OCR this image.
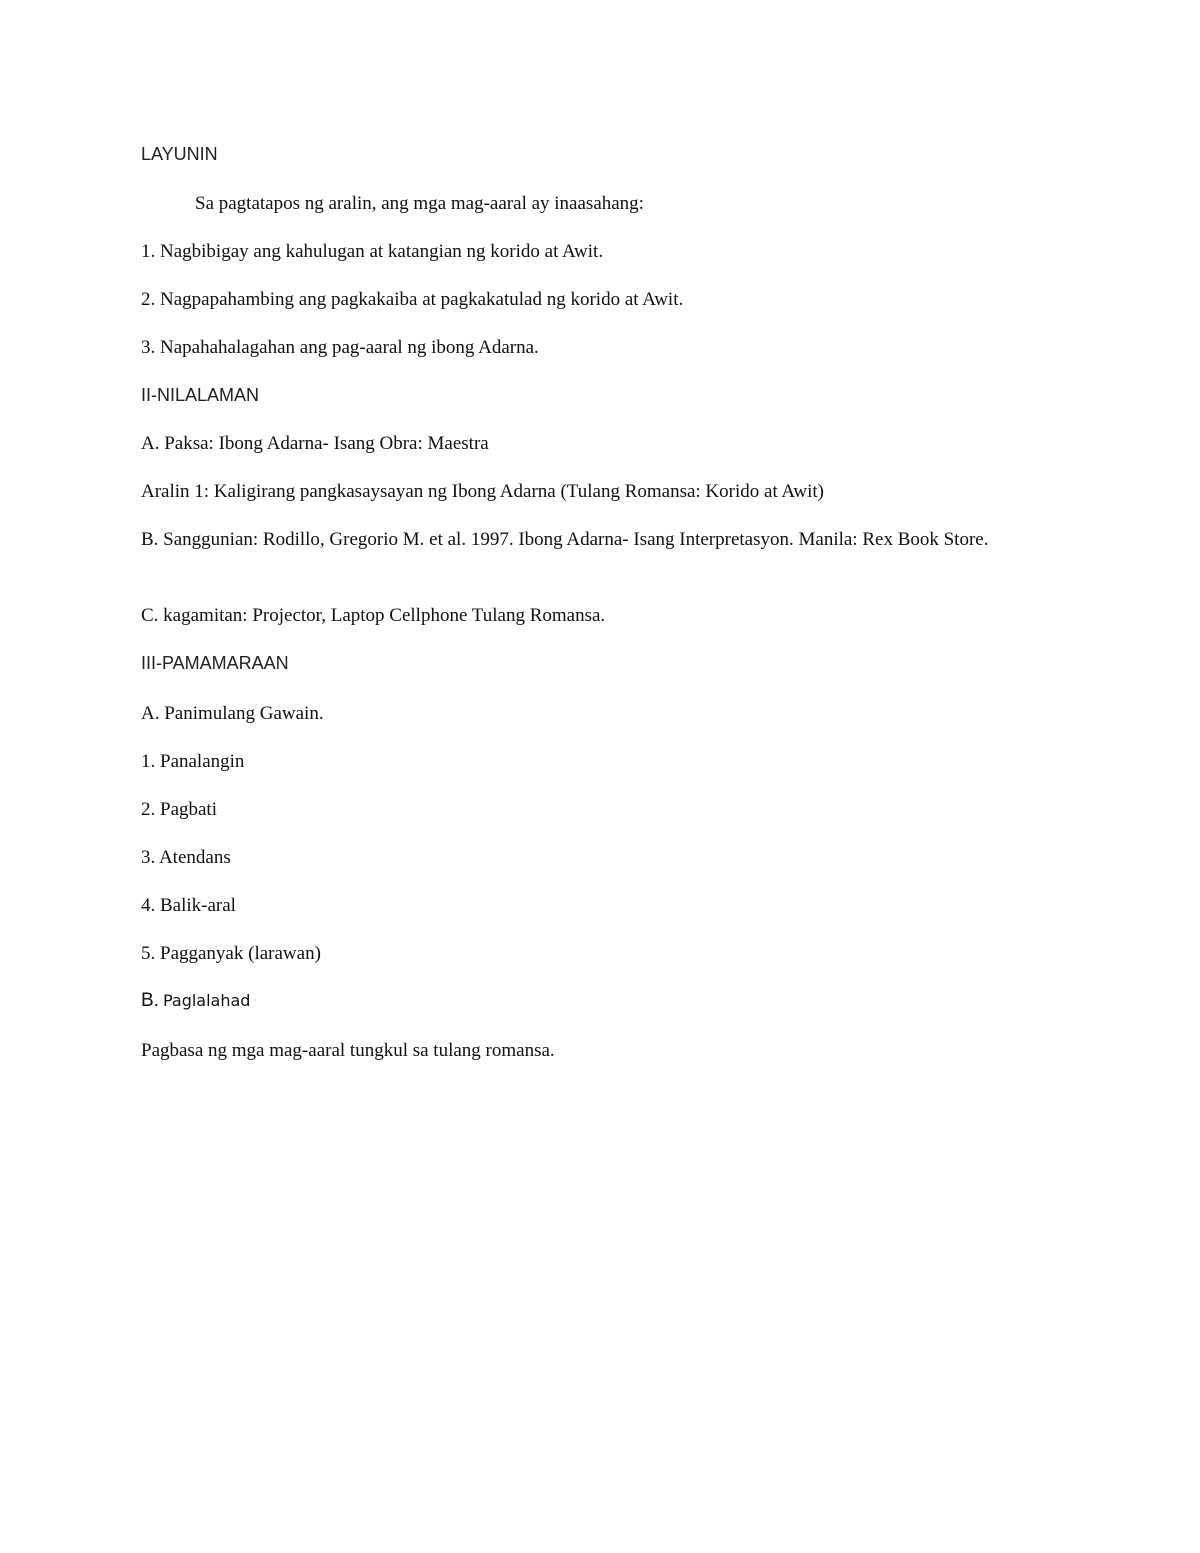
LAYUNIN

Sa pagtatapos ng aralin, ang mga mag-aaral ay inaasahang:

1. Nagbibigay ang kahulugan at katangian ng korido at Awit.

2. Nagpapahambing ang pagkakaiba at pagkakatulad ng korido at Awit.

3. Napahahalagahan ang pag-aaral ng ibong Adarna.

II-NILALAMAN

A. Paksa: Ibong Adarna- Isang Obra: Maestra

Aralin 1: Kaligirang pangkasaysayan ng Ibong Adarna (Tulang Romansa: Korido at Awit)

B. Sanggunian: Rodillo, Gregorio M. et al. 1997. Ibong Adarna- Isang Interpretasyon. Manila: Rex Book Store.

C. kagamitan: Projector, Laptop Cellphone Tulang Romansa.

III-PAMAMARAAN

A. Panimulang Gawain.

1. Panalangin

2. Pagbati

3. Atendans

4. Balik-aral

5. Pagganyak (larawan)

B. Paglalahad

Pagbasa ng mga mag-aaral tungkul sa tulang romansa.
